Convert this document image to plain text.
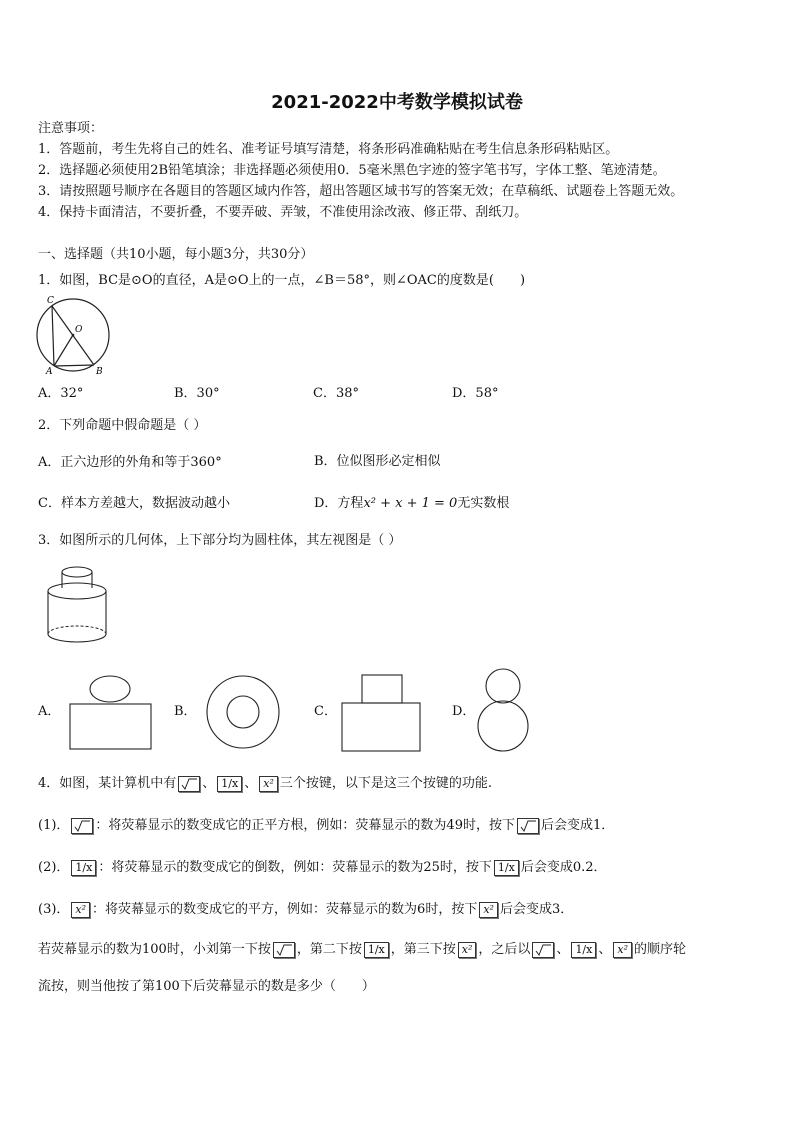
2021-2022中考数学模拟试卷
注意事项：
1．答题前，考生先将自己的姓名、准考证号填写清楚，将条形码准确粘贴在考生信息条形码粘贴区。
2．选择题必须使用2B铅笔填涂；非选择题必须使用0．5毫米黑色字迹的签字笔书写，字体工整、笔迹清楚。
3．请按照题号顺序在各题目的答题区域内作答，超出答题区域书写的答案无效；在草稿纸、试题卷上答题无效。
4．保持卡面清洁，不要折叠，不要弄破、弄皱，不准使用涂改液、修正带、刮纸刀。
一、选择题（共10小题，每小题3分，共30分）
1．如图，BC是⊙O的直径，A是⊙O上的一点，∠B＝58°，则∠OAC的度数是(　　)
C
O
A	B
A．32°	B．30°	C．38°	D．58°
2．下列命题中假命题是（ ）
A．正六边形的外角和等于360°	B．位似图形必定相似
C．样本方差越大，数据波动越小	D．方程x² + x + 1 = 0无实数根
3．如图所示的几何体，上下部分均为圆柱体，其左视图是（ ）
A．	B．	C．	D．
4．如图，某计算机中有 、 1/x 、 x² 三个按键，以下是这三个按键的功能.
(1)． ：将荧幕显示的数变成它的正平方根，例如：荧幕显示的数为49时，按下 后会变成1．
(2)． 1/x ：将荧幕显示的数变成它的倒数，例如：荧幕显示的数为25时，按下 1/x 后会变成0.2．
(3)． x² ：将荧幕显示的数变成它的平方，例如：荧幕显示的数为6时，按下 x² 后会变成3．
若荧幕显示的数为100时，小刘第一下按 ，第二下按 1/x ，第三下按 x² ，之后以 、 1/x 、 x² 的顺序轮
流按，则当他按了第100下后荧幕显示的数是多少（　　）
